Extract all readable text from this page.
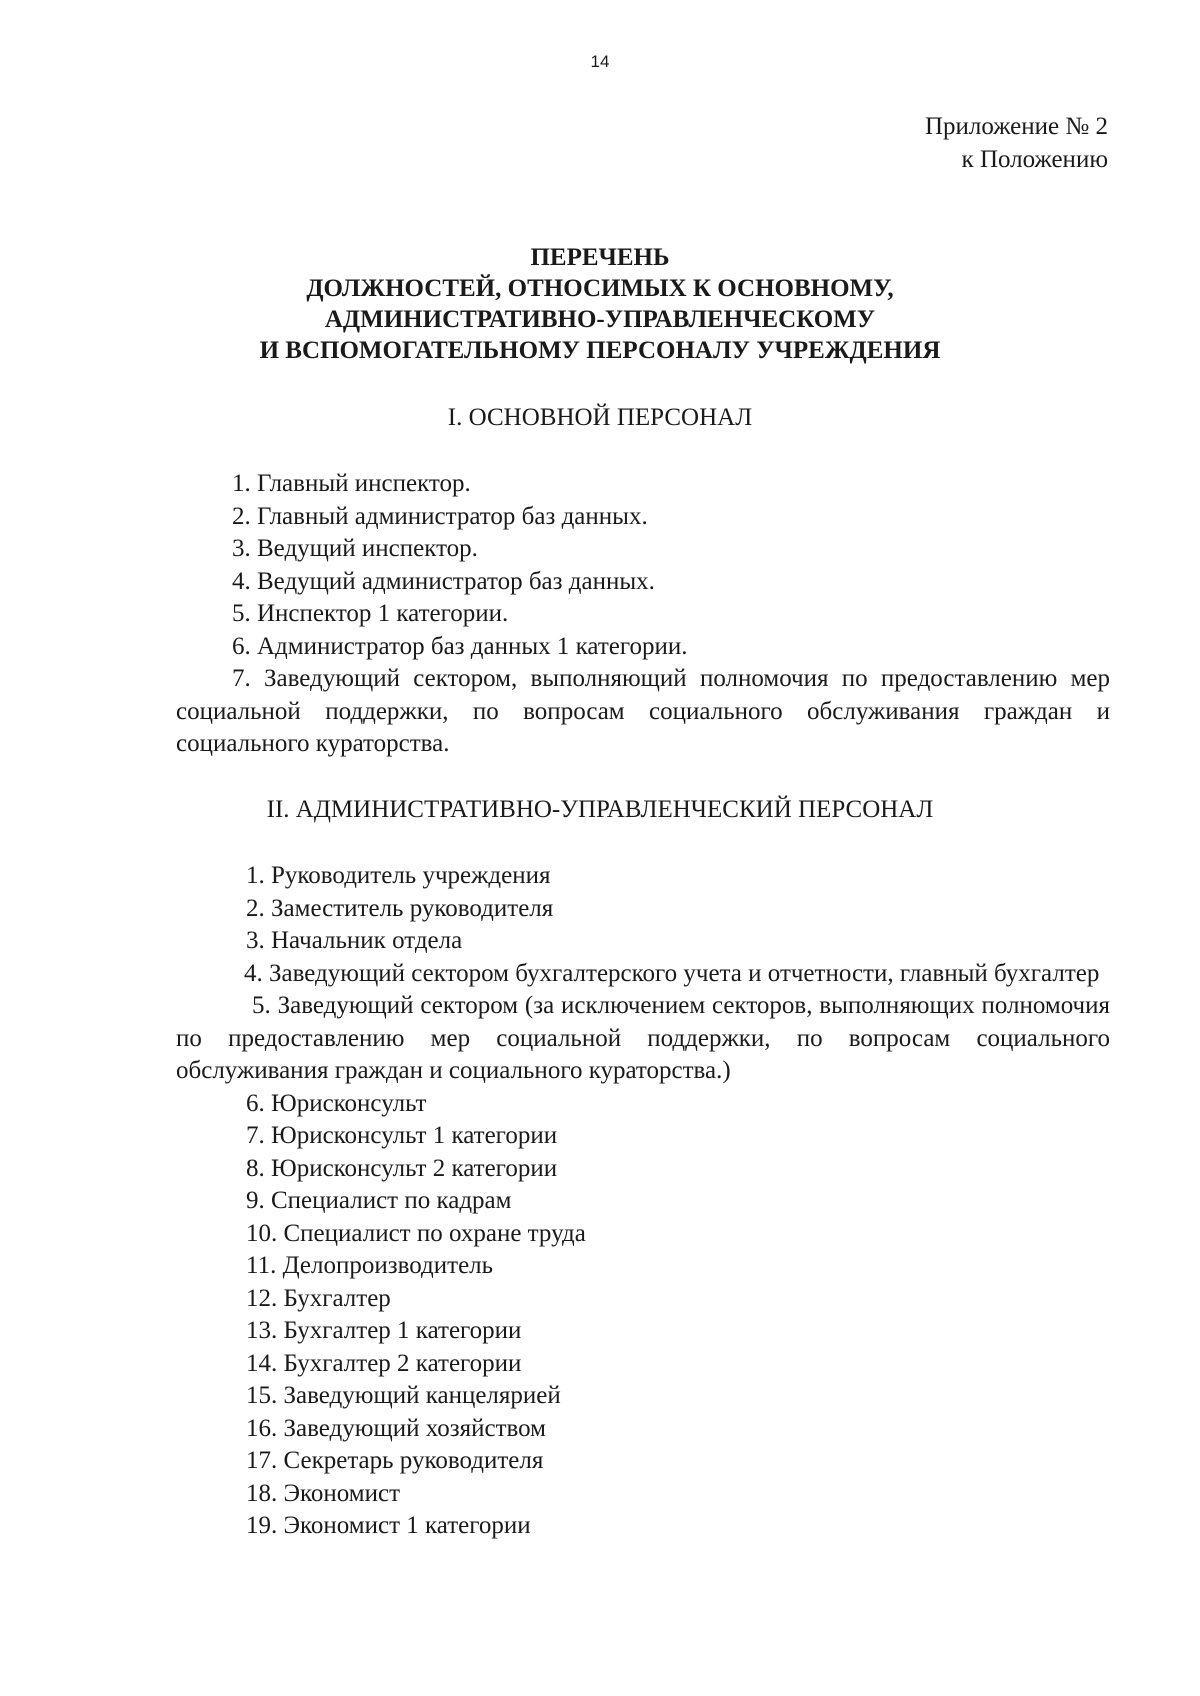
14
Приложение № 2
к Положению
ПЕРЕЧЕНЬ
ДОЛЖНОСТЕЙ, ОТНОСИМЫХ К ОСНОВНОМУ,
АДМИНИСТРАТИВНО-УПРАВЛЕНЧЕСКОМУ
И ВСПОМОГАТЕЛЬНОМУ ПЕРСОНАЛУ УЧРЕЖДЕНИЯ
I. ОСНОВНОЙ ПЕРСОНАЛ
1. Главный инспектор.
2. Главный администратор баз данных.
3. Ведущий инспектор.
4. Ведущий администратор баз данных.
5. Инспектор 1 категории.
6. Администратор баз данных 1 категории.
7. Заведующий сектором, выполняющий полномочия по предоставлению мер социальной поддержки, по вопросам социального обслуживания граждан и социального кураторства.
II. АДМИНИСТРАТИВНО-УПРАВЛЕНЧЕСКИЙ ПЕРСОНАЛ
1. Руководитель учреждения
2. Заместитель руководителя
3. Начальник отдела
4. Заведующий сектором бухгалтерского учета и отчетности, главный бухгалтер
5. Заведующий сектором (за исключением секторов, выполняющих полномочия по предоставлению мер социальной поддержки, по вопросам социального обслуживания граждан и социального кураторства.)
6. Юрисконсульт
7. Юрисконсульт 1 категории
8. Юрисконсульт 2 категории
9. Специалист по кадрам
10. Специалист по охране труда
11. Делопроизводитель
12. Бухгалтер
13. Бухгалтер 1 категории
14. Бухгалтер 2 категории
15. Заведующий канцелярией
16. Заведующий хозяйством
17. Секретарь руководителя
18. Экономист
19. Экономист 1 категории
